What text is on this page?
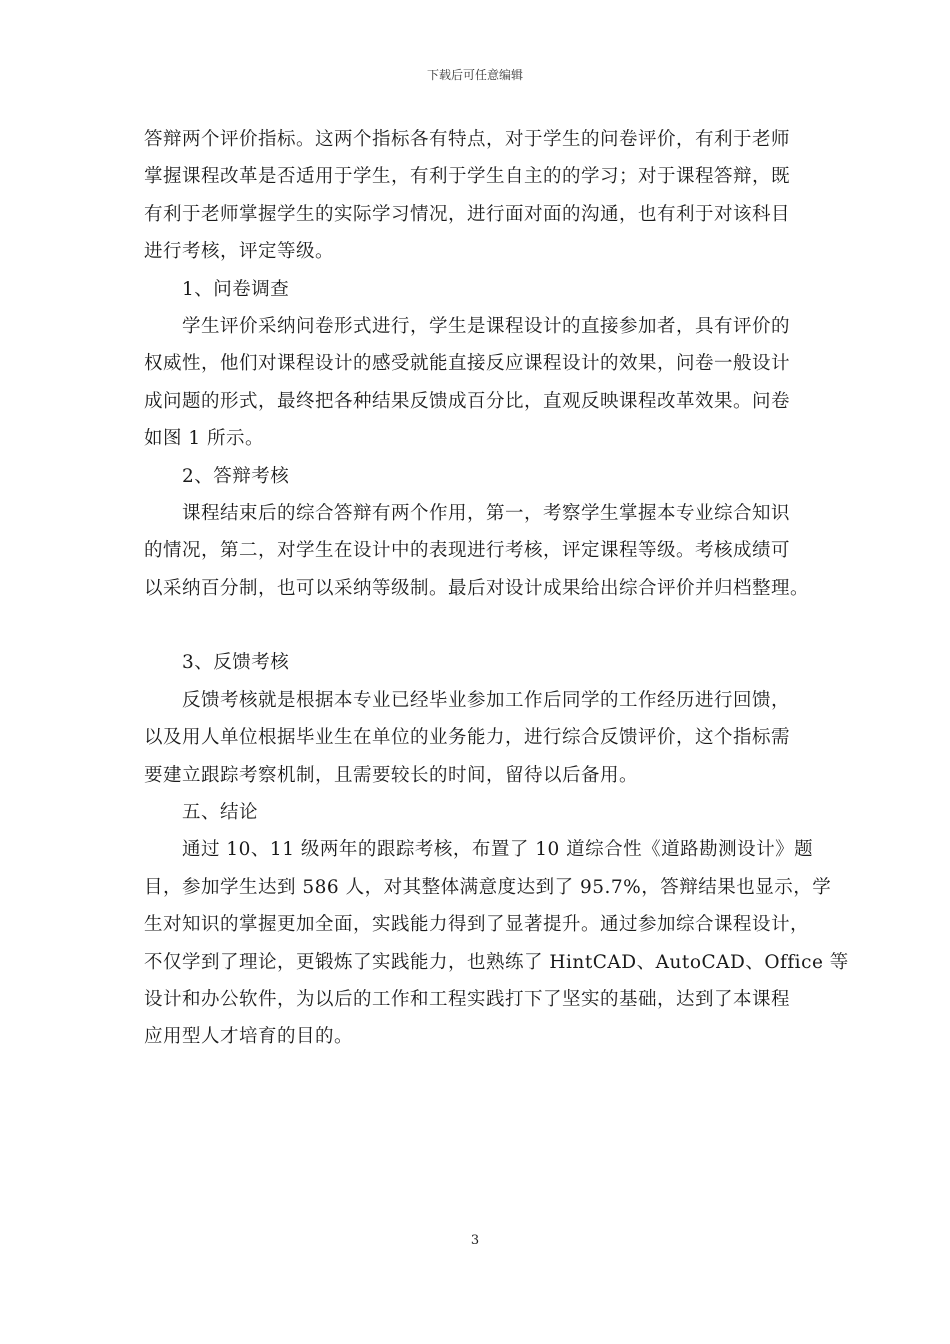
下载后可任意编辑
答辩两个评价指标。这两个指标各有特点，对于学生的问卷评价，有利于老师
掌握课程改革是否适用于学生，有利于学生自主的的学习；对于课程答辩，既
有利于老师掌握学生的实际学习情况，进行面对面的沟通，也有利于对该科目
进行考核，评定等级。
1、问卷调查
学生评价采纳问卷形式进行，学生是课程设计的直接参加者，具有评价的
权威性，他们对课程设计的感受就能直接反应课程设计的效果，问卷一般设计
成问题的形式，最终把各种结果反馈成百分比，直观反映课程改革效果。问卷
如图 1 所示。
2、答辩考核
课程结束后的综合答辩有两个作用，第一，考察学生掌握本专业综合知识
的情况，第二，对学生在设计中的表现进行考核，评定课程等级。考核成绩可
以采纳百分制，也可以采纳等级制。最后对设计成果给出综合评价并归档整理。
3、反馈考核
反馈考核就是根据本专业已经毕业参加工作后同学的工作经历进行回馈，
以及用人单位根据毕业生在单位的业务能力，进行综合反馈评价，这个指标需
要建立跟踪考察机制，且需要较长的时间，留待以后备用。
五、结论
通过 10、11 级两年的跟踪考核，布置了 10 道综合性《道路勘测设计》题
目，参加学生达到 586 人，对其整体满意度达到了 95.7%，答辩结果也显示，学
生对知识的掌握更加全面，实践能力得到了显著提升。通过参加综合课程设计，
不仅学到了理论，更锻炼了实践能力，也熟练了 HintCAD、AutoCAD、Office 等
设计和办公软件，为以后的工作和工程实践打下了坚实的基础，达到了本课程
应用型人才培育的目的。
3
